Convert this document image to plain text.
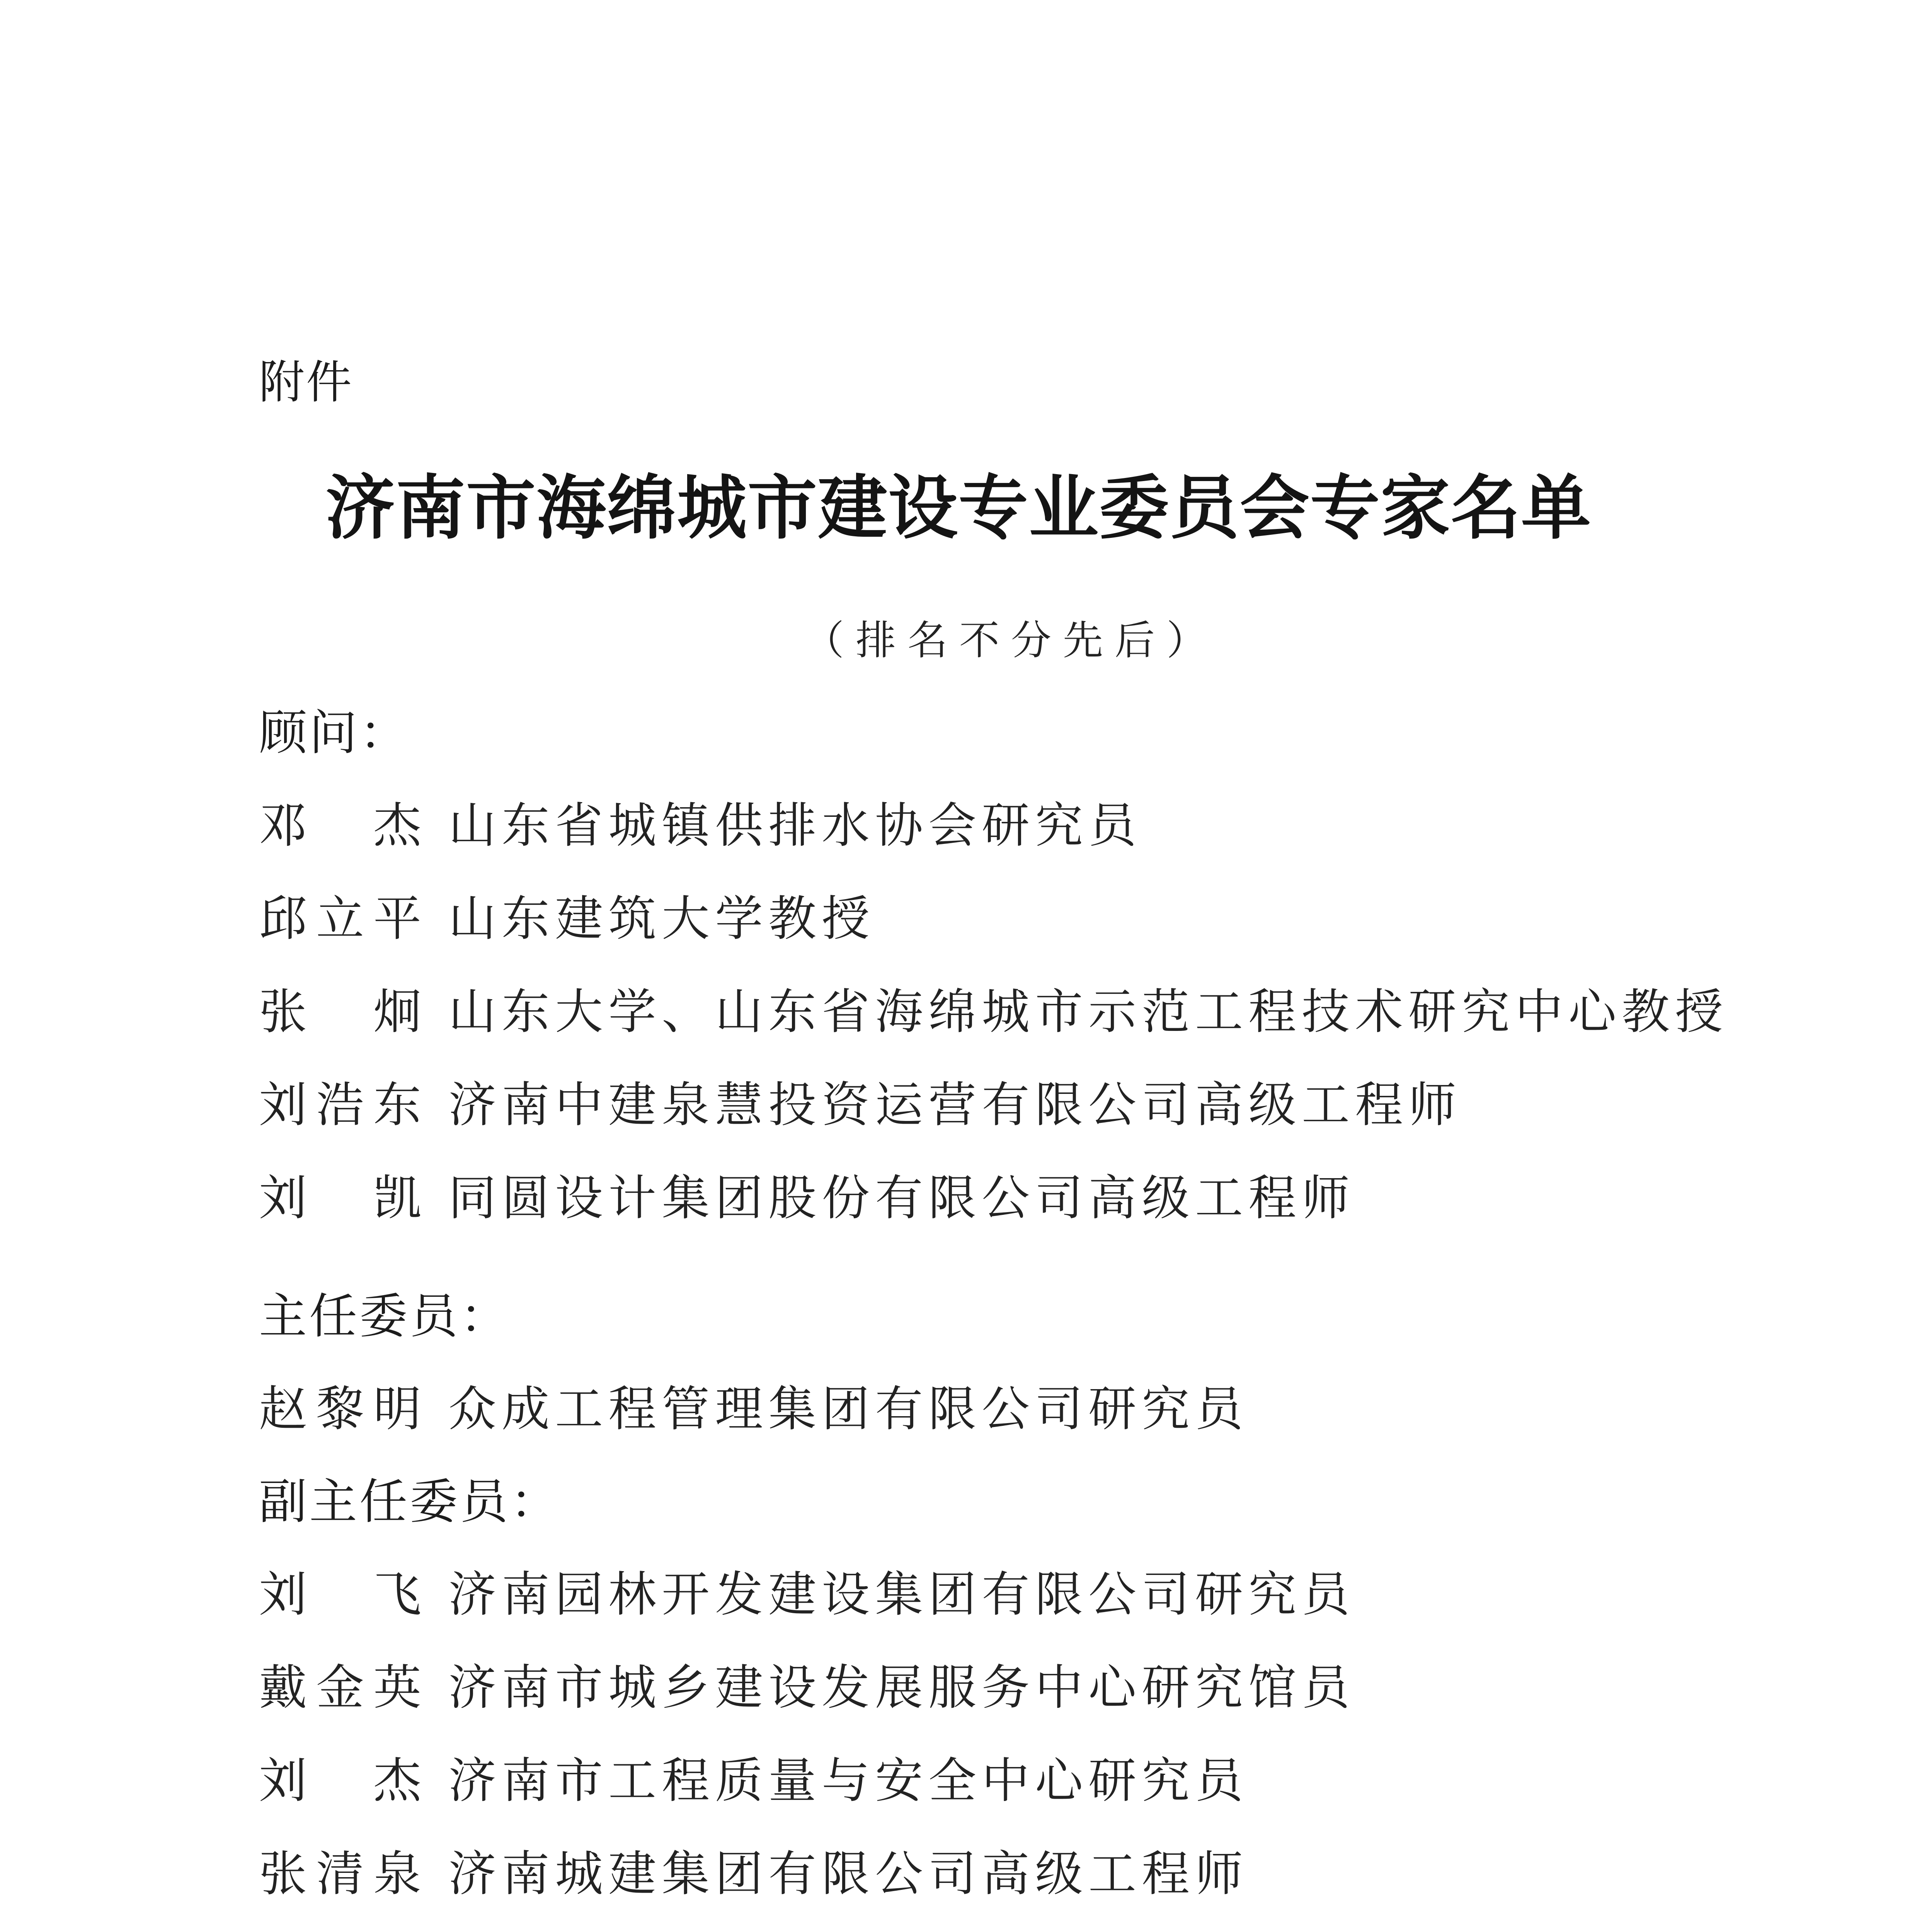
附件
济南市海绵城市建设专业委员会专家名单
（排名不分先后）
顾问：
邓 杰 山东省城镇供排水协会研究员
邱 立 平 山东建筑大学教授
张 炯 山东大学、山东省海绵城市示范工程技术研究中心教授
刘 浩 东 济南中建泉慧投资运营有限公司高级工程师
刘 凯 同圆设计集团股份有限公司高级工程师
主任委员：
赵 黎 明 众成工程管理集团有限公司研究员
副主任委员：
刘 飞 济南园林开发建设集团有限公司研究员
戴 金 英 济南市城乡建设发展服务中心研究馆员
刘 杰 济南市工程质量与安全中心研究员
张 清 泉 济南城建集团有限公司高级工程师
